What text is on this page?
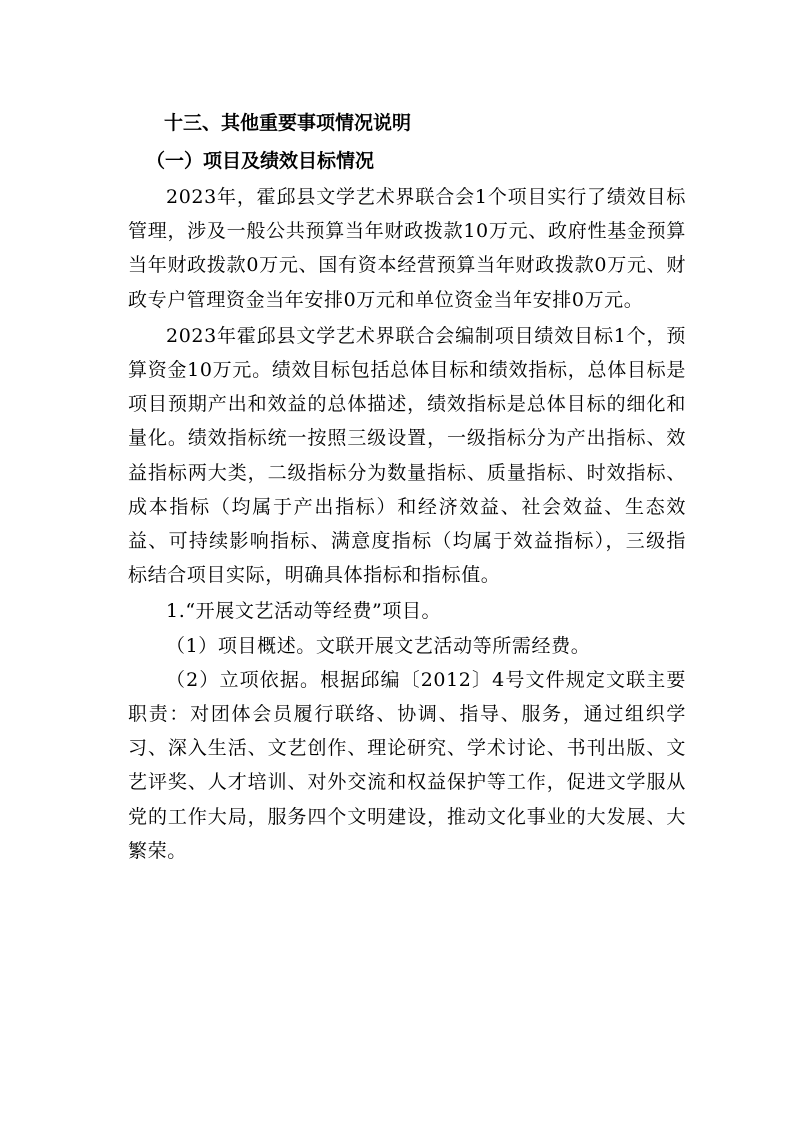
十三、其他重要事项情况说明
（一）项目及绩效目标情况

2023年，霍邱县文学艺术界联合会1个项目实行了绩效目标管理，涉及一般公共预算当年财政拨款10万元、政府性基金预算当年财政拨款0万元、国有资本经营预算当年财政拨款0万元、财政专户管理资金当年安排0万元和单位资金当年安排0万元。

2023年霍邱县文学艺术界联合会编制项目绩效目标1个，预算资金10万元。绩效目标包括总体目标和绩效指标，总体目标是项目预期产出和效益的总体描述，绩效指标是总体目标的细化和量化。绩效指标统一按照三级设置，一级指标分为产出指标、效益指标两大类，二级指标分为数量指标、质量指标、时效指标、成本指标（均属于产出指标）和经济效益、社会效益、生态效益、可持续影响指标、满意度指标（均属于效益指标），三级指标结合项目实际，明确具体指标和指标值。

1.“开展文艺活动等经费”项目。

（1）项目概述。文联开展文艺活动等所需经费。

（2）立项依据。根据邱编〔2012〕4号文件规定文联主要职责：对团体会员履行联络、协调、指导、服务，通过组织学习、深入生活、文艺创作、理论研究、学术讨论、书刊出版、文艺评奖、人才培训、对外交流和权益保护等工作，促进文学服从党的工作大局，服务四个文明建设，推动文化事业的大发展、大繁荣。
